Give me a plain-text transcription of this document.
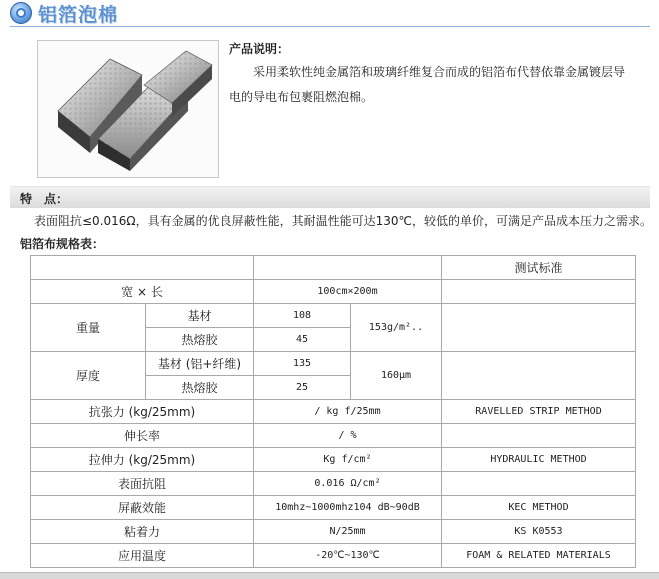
铝箔泡棉
产品说明：
采用柔软性纯金属箔和玻璃纤维复合而成的铝箔布代替依靠金属镀层导电的导电布包裹阻燃泡棉。
特　点：
表面阻抗≤0.016Ω，具有金属的优良屏蔽性能，其耐温性能可达130℃，较低的单价，可满足产品成本压力之需求。
铝箔布规格表：
				测试标准
宽 × 长		100cm×200m		
重量	基材	108	153g/m²..	
	热熔胶	45		
厚度	基材 (铝+纤维)	135	160μm	
	热熔胶	25		
抗张力 (kg/25mm)		/ kg f/25mm		RAVELLED STRIP METHOD
伸长率		/ %		
拉伸力 (kg/25mm)		Kg f/cm²		HYDRAULIC METHOD
表面抗阻		0.016 Ω/cm²		
屏蔽效能		10mhz~1000mhz104 dB~90dB		KEC METHOD
粘着力		N/25mm		KS K0553
应用温度		-20℃~130℃		FOAM & RELATED MATERIALS
